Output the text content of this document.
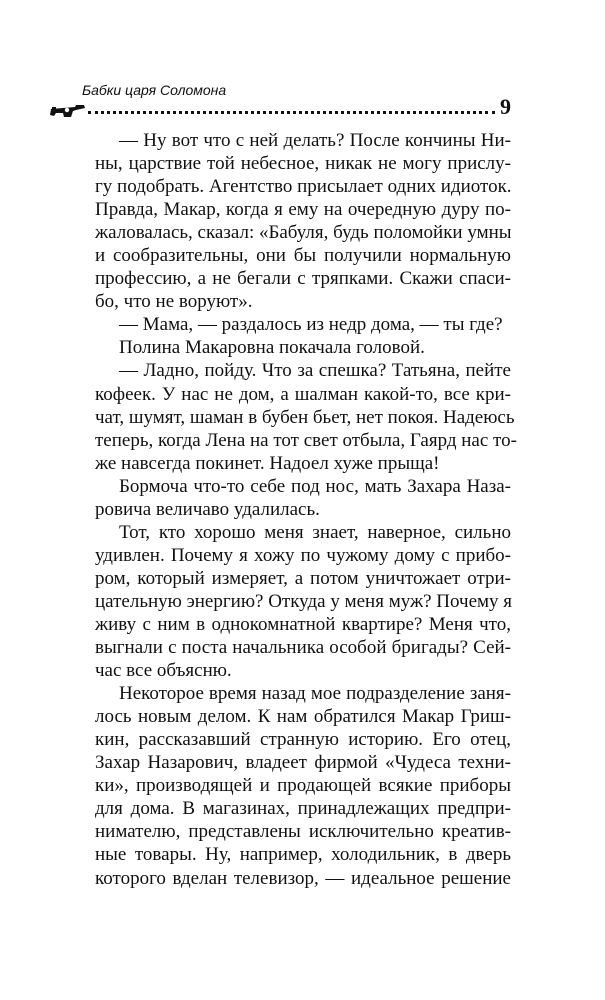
Бабки царя Соломона
9
— Ну вот что с ней делать? После кончины Ни-
ны, царствие той небесное, никак не могу прислу-
гу подобрать. Агентство присылает одних идиоток.
Правда, Макар, когда я ему на очередную дуру по-
жаловалась, сказал: «Бабуля, будь поломойки умны
и сообразительны, они бы получили нормальную
профессию, а не бегали с тряпками. Скажи спаси-
бо, что не воруют».
— Мама, — раздалось из недр дома, — ты где?
Полина Макаровна покачала головой.
— Ладно, пойду. Что за спешка? Татьяна, пейте
кофеек. У нас не дом, а шалман какой-то, все кри-
чат, шумят, шаман в бубен бьет, нет покоя. Надеюсь
теперь, когда Лена на тот свет отбыла, Гаярд нас то-
же навсегда покинет. Надоел хуже прыща!
Бормоча что-то себе под нос, мать Захара Наза-
ровича величаво удалилась.
Тот, кто хорошо меня знает, наверное, сильно
удивлен. Почему я хожу по чужому дому с прибо-
ром, который измеряет, а потом уничтожает отри-
цательную энергию? Откуда у меня муж? Почему я
живу с ним в однокомнатной квартире? Меня что,
выгнали с поста начальника особой бригады? Сей-
час все объясню.
Некоторое время назад мое подразделение заня-
лось новым делом. К нам обратился Макар Гриш-
кин, рассказавший странную историю. Его отец,
Захар Назарович, владеет фирмой «Чудеса техни-
ки», производящей и продающей всякие приборы
для дома. В магазинах, принадлежащих предпри-
нимателю, представлены исключительно креатив-
ные товары. Ну, например, холодильник, в дверь
которого вделан телевизор, — идеальное решение
